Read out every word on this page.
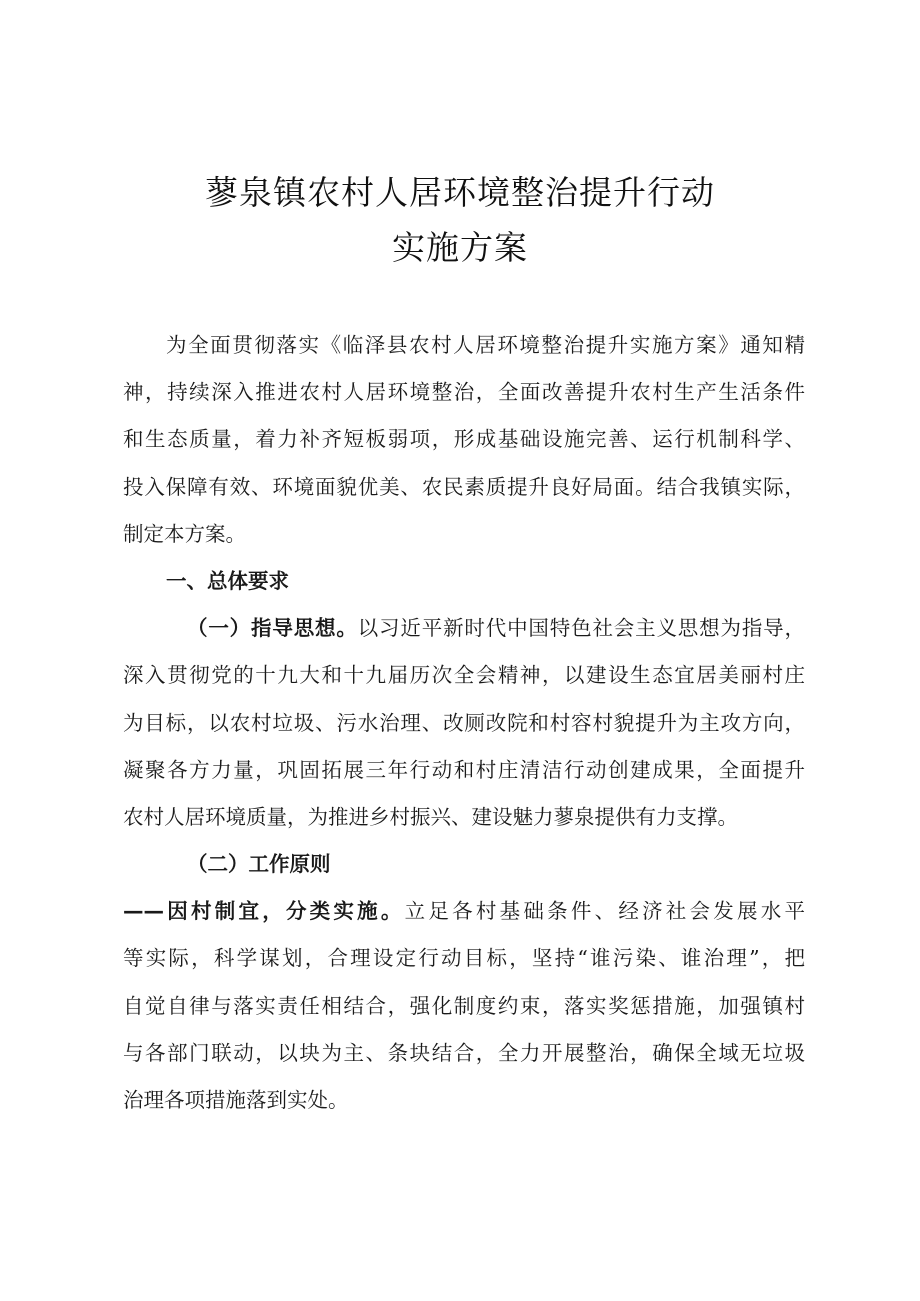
蓼泉镇农村人居环境整治提升行动
实施方案
为全面贯彻落实《临泽县农村人居环境整治提升实施方案》通知精
神，持续深入推进农村人居环境整治，全面改善提升农村生产生活条件
和生态质量，着力补齐短板弱项，形成基础设施完善、运行机制科学、
投入保障有效、环境面貌优美、农民素质提升良好局面。结合我镇实际，
制定本方案。
一、总体要求
（一）指导思想。以习近平新时代中国特色社会主义思想为指导，
深入贯彻党的十九大和十九届历次全会精神，以建设生态宜居美丽村庄
为目标，以农村垃圾、污水治理、改厕改院和村容村貌提升为主攻方向，
凝聚各方力量，巩固拓展三年行动和村庄清洁行动创建成果，全面提升
农村人居环境质量，为推进乡村振兴、建设魅力蓼泉提供有力支撑。
（二）工作原则
——因村制宜，分类实施。立足各村基础条件、经济社会发展水平
等实际，科学谋划，合理设定行动目标，坚持“谁污染、谁治理”，把
自觉自律与落实责任相结合，强化制度约束，落实奖惩措施，加强镇村
与各部门联动，以块为主、条块结合，全力开展整治，确保全域无垃圾
治理各项措施落到实处。
